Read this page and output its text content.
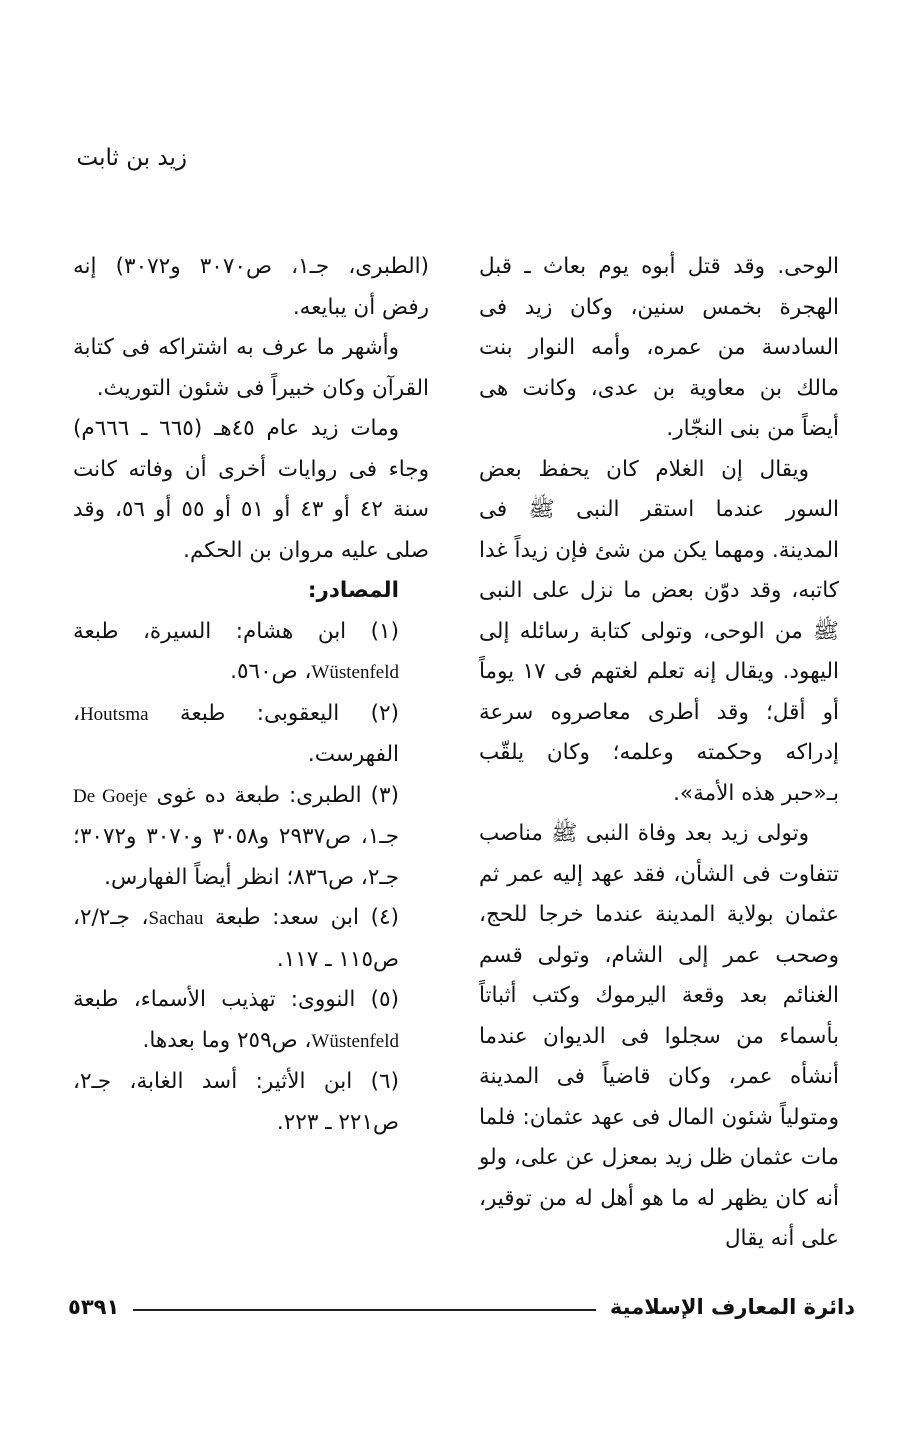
زيد بن ثابت

الوحى. وقد قتل أبوه يوم بعاث ـ قبل الهجرة بخمس سنين، وكان زيد فى السادسة من عمره، وأمه النوار بنت مالك بن معاوية بن عدى، وكانت هى أيضاً من بنى النجّار.

ويقال إن الغلام كان يحفظ بعض السور عندما استقر النبى ﷺ فى المدينة. ومهما يكن من شئ فإن زيداً غدا كاتبه، وقد دوّن بعض ما نزل على النبى ﷺ من الوحى، وتولى كتابة رسائله إلى اليهود. ويقال إنه تعلم لغتهم فى ١٧ يوماً أو أقل؛ وقد أطرى معاصروه سرعة إدراكه وحكمته وعلمه؛ وكان يلقّب بـ«حبر هذه الأمة».

وتولى زيد بعد وفاة النبى ﷺ مناصب تتفاوت فى الشأن، فقد عهد إليه عمر ثم عثمان بولاية المدينة عندما خرجا للحج، وصحب عمر إلى الشام، وتولى قسم الغنائم بعد وقعة اليرموك وكتب أثباتاً بأسماء من سجلوا فى الديوان عندما أنشأه عمر، وكان قاضياً فى المدينة ومتولياً شئون المال فى عهد عثمان: فلما مات عثمان ظل زيد بمعزل عن على، ولو أنه كان يظهر له ما هو أهل له من توقير، على أنه يقال

(الطبرى، جـ١، ص٣٠٧٠ و٣٠٧٢) إنه رفض أن يبايعه.

وأشهر ما عرف به اشتراكه فى كتابة القرآن وكان خبيراً فى شئون التوريث.

ومات زيد عام ٤٥هـ (٦٦٥ ـ ٦٦٦م) وجاء فى روايات أخرى أن وفاته كانت سنة ٤٢ أو ٤٣ أو ٥١ أو ٥٥ أو ٥٦، وقد صلى عليه مروان بن الحكم.

المصادر:

(١) ابن هشام: السيرة، طبعة Wüstenfeld، ص٥٦٠.

(٢) اليعقوبى: طبعة Houtsma، الفهرست.

(٣) الطبرى: طبعة ده غوى De Goeje جـ١، ص٢٩٣٧ و٣٠٥٨ و٣٠٧٠ و٣٠٧٢؛ جـ٢، ص٨٣٦؛ انظر أيضاً الفهارس.

(٤) ابن سعد: طبعة Sachau، جـ٢/٢، ص١١٥ ـ ١١٧.

(٥) النووى: تهذيب الأسماء، طبعة Wüstenfeld، ص٢٥٩ وما بعدها.

(٦) ابن الأثير: أسد الغابة، جـ٢، ص٢٢١ ـ ٢٢٣.

دائرة المعارف الإسلامية
٥٣٩١
